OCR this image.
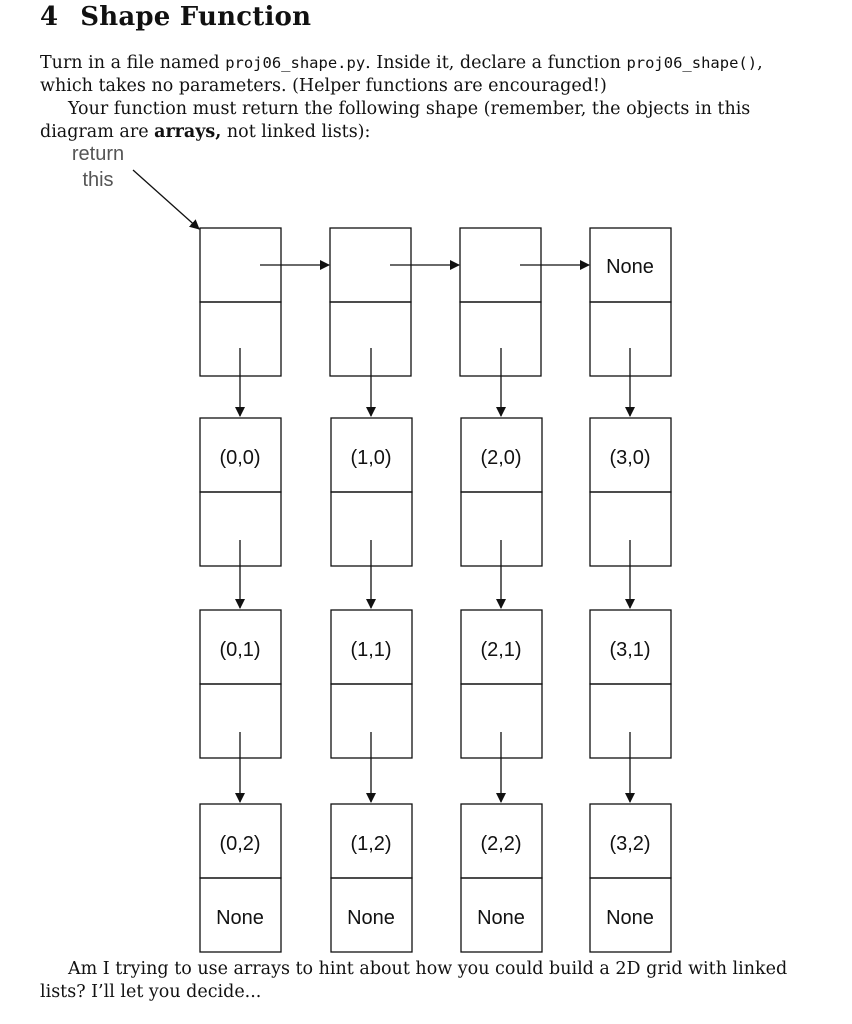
4 Shape Function
Turn in a file named proj06_shape.py. Inside it, declare a function proj06_shape(), which takes no parameters. (Helper functions are encouraged!)
Your function must return the following shape (remember, the objects in this diagram are arrays, not linked lists):
return
this
None
(0,0)
(0,1)
(0,2)
None
(1,0)
(1,1)
(1,2)
None
(2,0)
(2,1)
(2,2)
None
(3,0)
(3,1)
(3,2)
None
Am I trying to use arrays to hint about how you could build a 2D grid with linked lists? I’ll let you decide...
